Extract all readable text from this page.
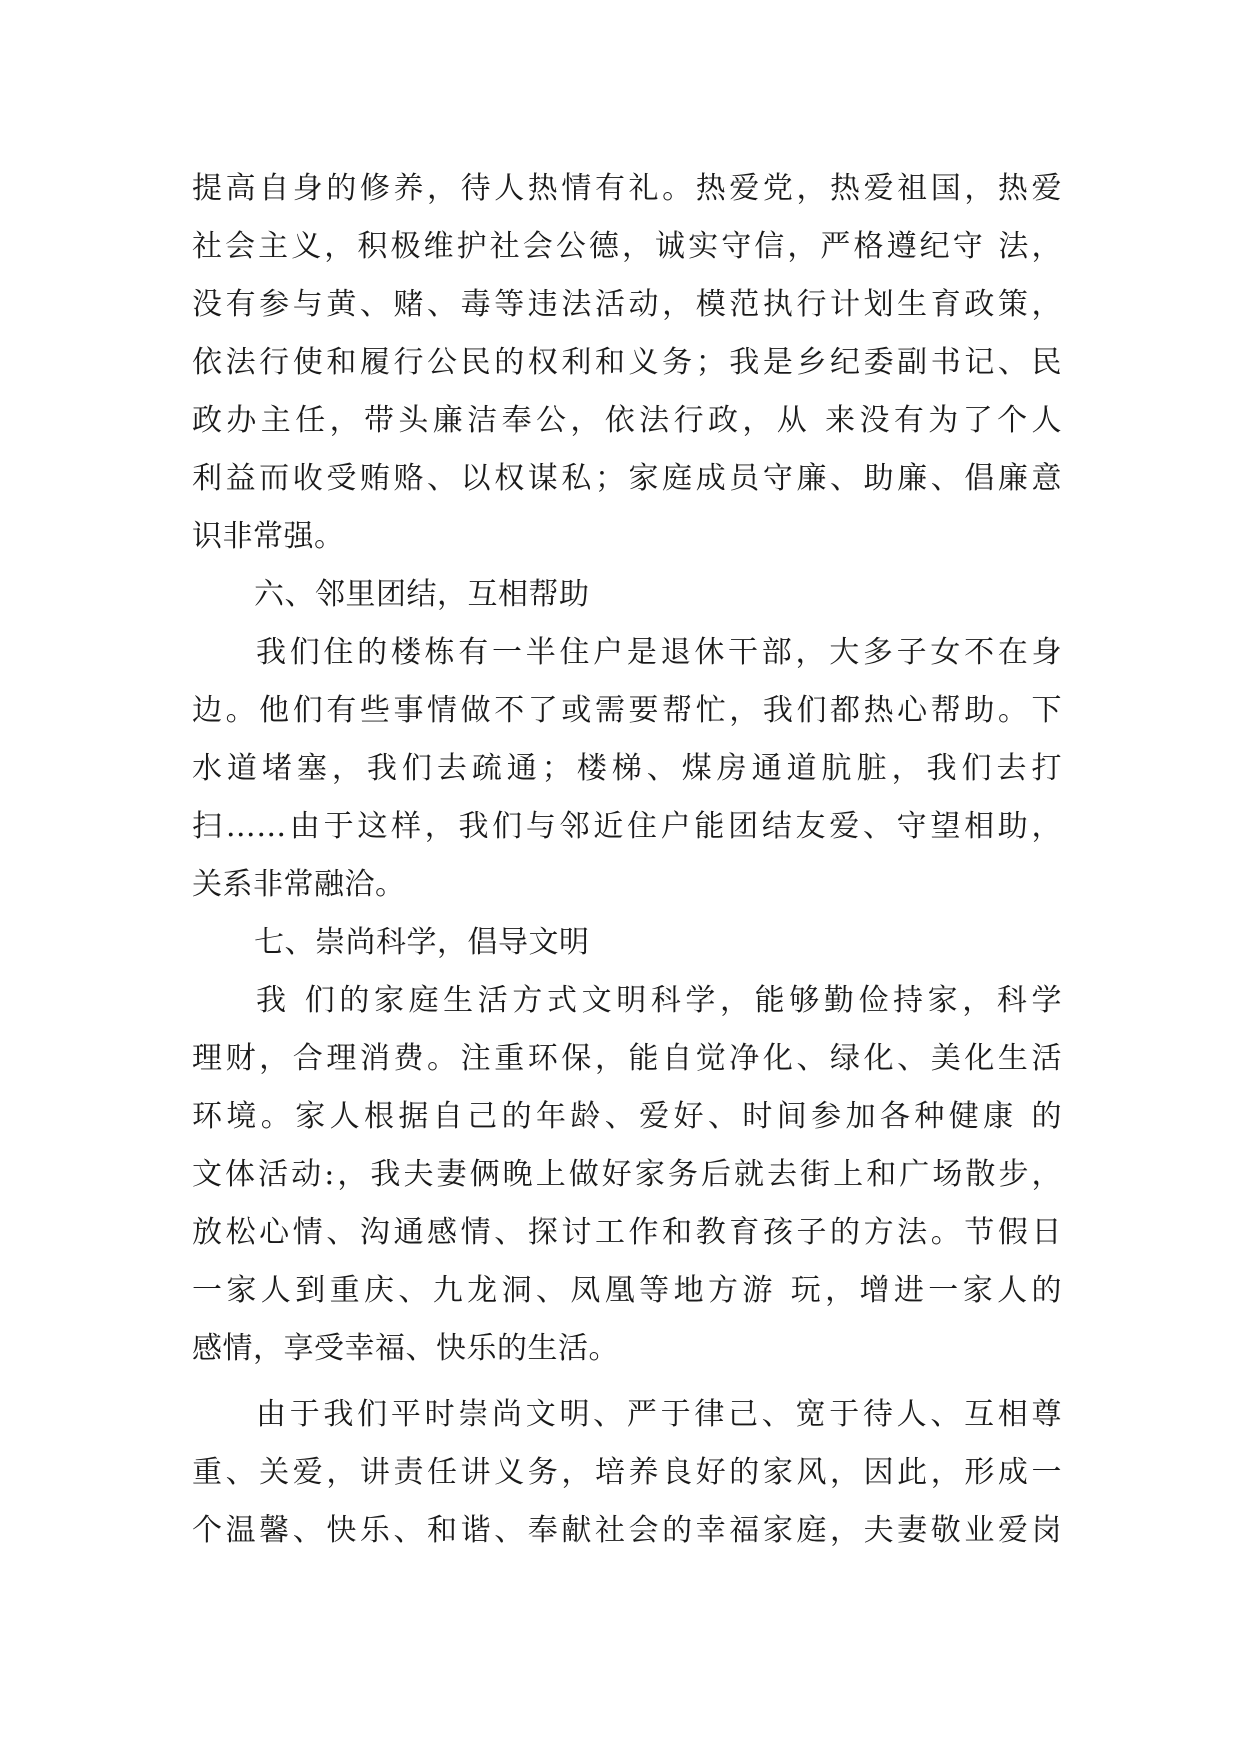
提高自身的修养，待人热情有礼。热爱党，热爱祖国，热爱
社会主义，积极维护社会公德，诚实守信，严格遵纪守 法，
没有参与黄、赌、毒等违法活动，模范执行计划生育政策，
依法行使和履行公民的权利和义务；我是乡纪委副书记、民
政办主任，带头廉洁奉公，依法行政，从 来没有为了个人
利益而收受贿赂、以权谋私；家庭成员守廉、助廉、倡廉意
识非常强。
六、邻里团结，互相帮助
我们住的楼栋有一半住户是退休干部，大多子女不在身
边。他们有些事情做不了或需要帮忙，我们都热心帮助。下
水道堵塞，我们去疏通；楼梯、煤房通道肮脏，我们去打
扫……由于这样，我们与邻近住户能团结友爱、守望相助，
关系非常融洽。
七、崇尚科学，倡导文明
我 们的家庭生活方式文明科学，能够勤俭持家，科学
理财，合理消费。注重环保，能自觉净化、绿化、美化生活
环境。家人根据自己的年龄、爱好、时间参加各种健康 的
文体活动:，我夫妻俩晚上做好家务后就去街上和广场散步，
放松心情、沟通感情、探讨工作和教育孩子的方法。节假日
一家人到重庆、九龙洞、凤凰等地方游 玩，增进一家人的
感情，享受幸福、快乐的生活。
由于我们平时崇尚文明、严于律己、宽于待人、互相尊
重、关爱，讲责任讲义务，培养良好的家风，因此，形成一
个温馨、快乐、和谐、奉献社会的幸福家庭，夫妻敬业爱岗
